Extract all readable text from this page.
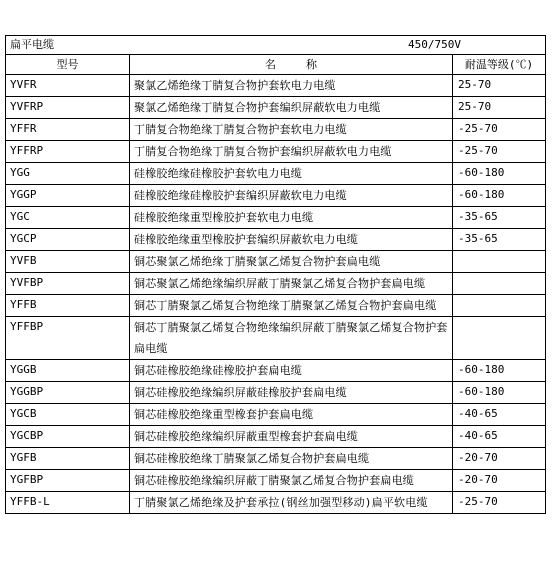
扁平电缆 450/750V		

型号	名称	耐温等级(℃)
YVFR	聚氯乙烯绝缘丁腈复合物护套软电力电缆	25-70
YVFRP	聚氯乙烯绝缘丁腈复合物护套编织屏蔽软电力电缆	25-70
YFFR	丁腈复合物绝缘丁腈复合物护套软电力电缆	-25-70
YFFRP	丁腈复合物绝缘丁腈复合物护套编织屏蔽软电力电缆	-25-70
YGG	硅橡胶绝缘硅橡胶护套软电力电缆	-60-180
YGGP	硅橡胶绝缘硅橡胶护套编织屏蔽软电力电缆	-60-180
YGC	硅橡胶绝缘重型橡胶护套软电力电缆	-35-65
YGCP	硅橡胶绝缘重型橡胶护套编织屏蔽软电力电缆	-35-65
YVFB	铜芯聚氯乙烯绝缘丁腈聚氯乙烯复合物护套扁电缆	
YVFBP	铜芯聚氯乙烯绝缘编织屏蔽丁腈聚氯乙烯复合物护套扁电缆	
YFFB	铜芯丁腈聚氯乙烯复合物绝缘丁腈聚氯乙烯复合物护套扁电缆	
YFFBP	铜芯丁腈聚氯乙烯复合物绝缘编织屏蔽丁腈聚氯乙烯复合物护套扁电缆	
YGGB	铜芯硅橡胶绝缘硅橡胶护套扁电缆	-60-180
YGGBP	铜芯硅橡胶绝缘编织屏蔽硅橡胶护套扁电缆	-60-180
YGCB	铜芯硅橡胶绝缘重型橡套护套扁电缆	-40-65
YGCBP	铜芯硅橡胶绝缘编织屏蔽重型橡套护套扁电缆	-40-65
YGFB	铜芯硅橡胶绝缘丁腈聚氯乙烯复合物护套扁电缆	-20-70
YGFBP	铜芯硅橡胶绝缘编织屏蔽丁腈聚氯乙烯复合物护套扁电缆	-20-70
YFFB-L	丁腈聚氯乙烯绝缘及护套承拉(钢丝加强型移动)扁平软电缆	-25-70
